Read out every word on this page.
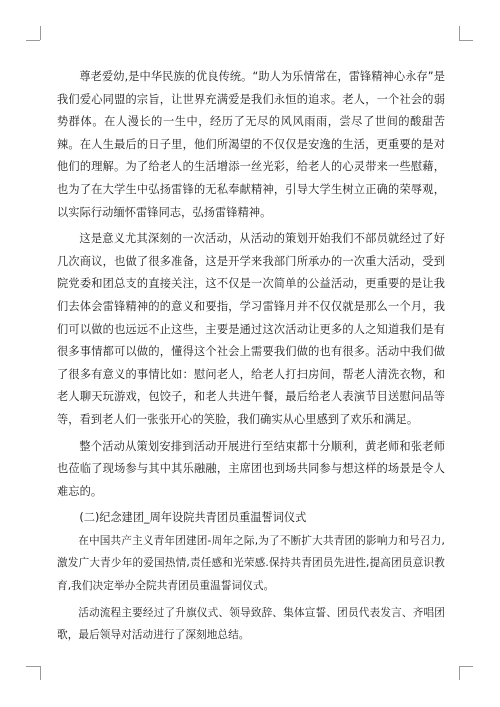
尊老爱幼,是中华民族的优良传统。“助人为乐情常在，雷锋精神心永存”是我们爱心同盟的宗旨，让世界充满爱是我们永恒的追求。老人，一个社会的弱势群体。在人漫长的一生中，经历了无尽的风风雨雨，尝尽了世间的酸甜苦辣。在人生最后的日子里，他们所渴望的不仅仅是安逸的生活，更重要的是对他们的理解。为了给老人的生活增添一丝光彩，给老人的心灵带来一些慰藉，也为了在大学生中弘扬雷锋的无私奉献精神，引导大学生树立正确的荣辱观，以实际行动缅怀雷锋同志，弘扬雷锋精神。

这是意义尤其深刻的一次活动，从活动的策划开始我们不部员就经过了好几次商议，也做了很多准备，这是开学来我部门所承办的一次重大活动，受到院党委和团总支的直接关注，这不仅是一次简单的公益活动，更重要的是让我们去体会雷锋精神的的意义和要指，学习雷锋月并不仅仅就是那么一个月，我们可以做的也远远不止这些，主要是通过这次活动让更多的人之知道我们是有很多事情都可以做的，懂得这个社会上需要我们做的也有很多。活动中我们做了很多有意义的事情比如：慰问老人，给老人打扫房间，帮老人清洗衣物，和老人聊天玩游戏，包饺子，和老人共进午餐，最后给老人表演节目送慰问品等等，看到老人们一张张开心的笑脸，我们确实从心里感到了欢乐和满足。

整个活动从策划安排到活动开展进行至结束都十分顺利，黄老师和张老师也莅临了现场参与其中其乐融融，主席团也到场共同参与想这样的场景是令人难忘的。

(二)纪念建团_周年设院共青团员重温誓词仪式

在中国共产主义青年团建团-周年之际,为了不断扩大共青团的影响力和号召力,激发广大青少年的爱国热情,责任感和光荣感.保持共青团员先进性,提高团员意识教育,我们决定举办全院共青团员重温誓词仪式。

活动流程主要经过了升旗仪式、领导致辞、集体宣誓、团员代表发言、齐唱团歌，最后领导对活动进行了深刻地总结。
